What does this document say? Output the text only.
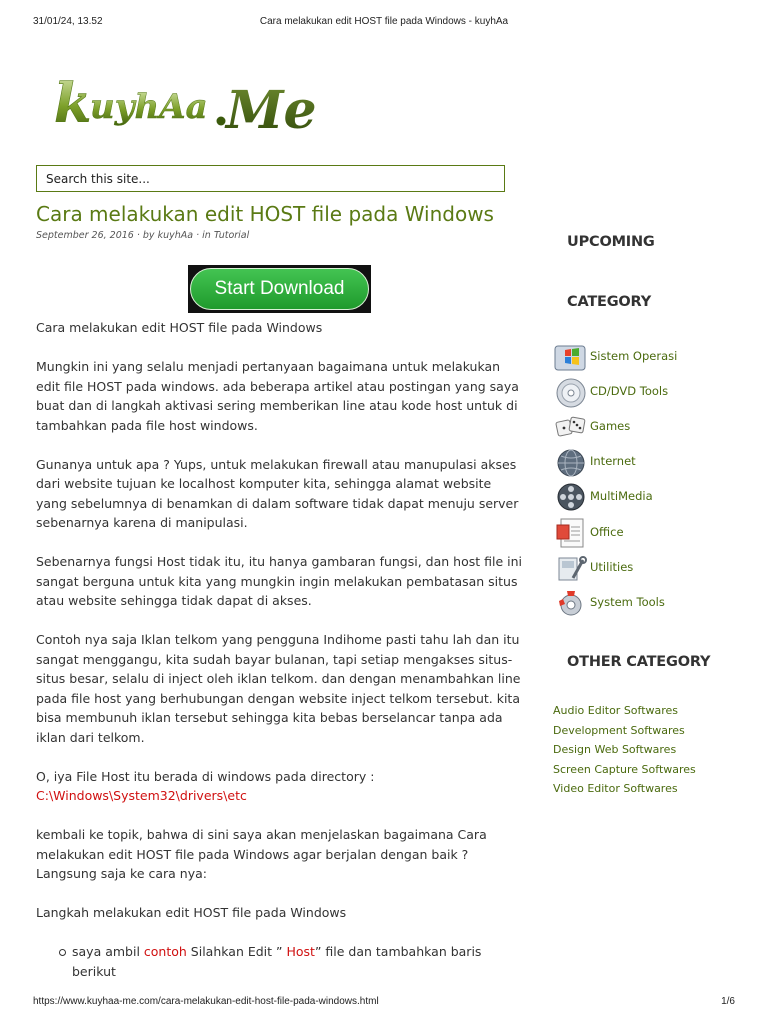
31/01/24, 13.52	Cara melakukan edit HOST file pada Windows - kuyhAa
https://www.kuyhaa-me.com/cara-melakukan-edit-host-file-pada-windows.html	1/6
k
uyhAa Me
Search this site...
Cara melakukan edit HOST file pada Windows
September 26, 2016 · by kuyhAa · in Tutorial
Start Download

Cara melakukan edit HOST file pada Windows

Mungkin ini yang selalu menjadi pertanyaan bagaimana untuk melakukan edit file HOST pada windows. ada beberapa artikel atau postingan yang saya buat dan di langkah aktivasi sering memberikan line atau kode host untuk di tambahkan pada file host windows.

Gunanya untuk apa ? Yups, untuk melakukan firewall atau manupulasi akses dari website tujuan ke localhost komputer kita, sehingga alamat website yang sebelumnya di benamkan di dalam software tidak dapat menuju server sebenarnya karena di manipulasi.

Sebenarnya fungsi Host tidak itu, itu hanya gambaran fungsi, dan host file ini sangat berguna untuk kita yang mungkin ingin melakukan pembatasan situs atau website sehingga tidak dapat di akses.

Contoh nya saja Iklan telkom yang pengguna Indihome pasti tahu lah dan itu sangat menggangu, kita sudah bayar bulanan, tapi setiap mengakses situs-situs besar, selalu di inject oleh iklan telkom. dan dengan menambahkan line pada file host yang berhubungan dengan website inject telkom tersebut. kita bisa membunuh iklan tersebut sehingga kita bebas berselancar tanpa ada iklan dari telkom.

O, iya File Host itu berada di windows pada directory :
C:\Windows\System32\drivers\etc

kembali ke topik, bahwa di sini saya akan menjelaskan bagaimana Cara melakukan edit HOST file pada Windows agar berjalan dengan baik ? Langsung saja ke cara nya:

Langkah melakukan edit HOST file pada Windows

saya ambil contoh Silahkan Edit ” Host” file dan tambahkan baris berikut
UPCOMING
CATEGORY
OTHER CATEGORY
Sistem Operasi
CD/DVD Tools
Games
Internet
MultiMedia
Office
Utilities
System Tools
Audio Editor Softwares
Development Softwares
Design Web Softwares
Screen Capture Softwares
Video Editor Softwares
